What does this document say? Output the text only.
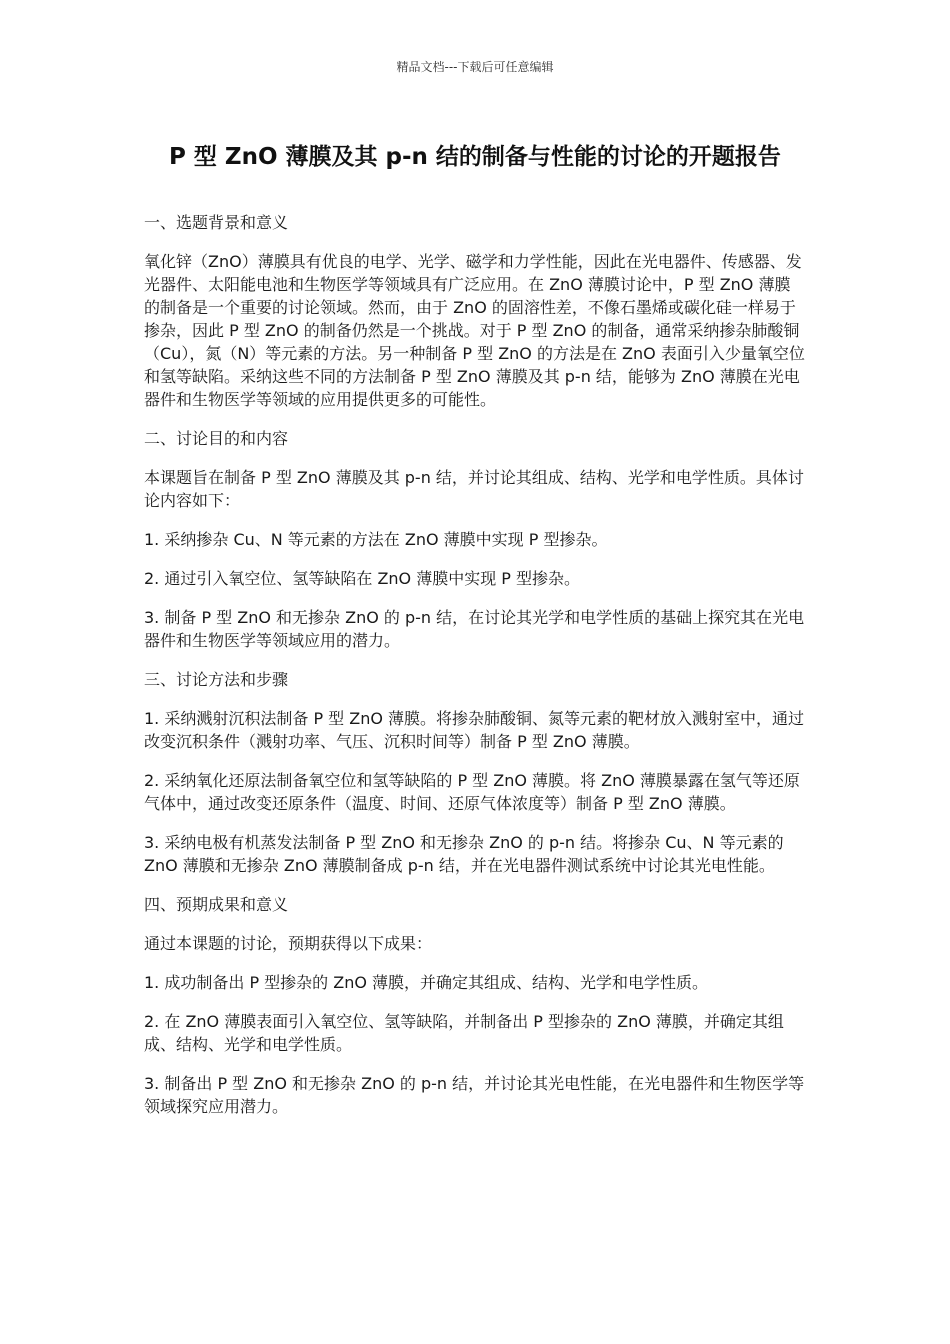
精品文档---下载后可任意编辑
P 型 ZnO 薄膜及其 p-n 结的制备与性能的讨论的开题报告

一、选题背景和意义

氧化锌（ZnO）薄膜具有优良的电学、光学、磁学和力学性能，因此在光电器件、传感器、发光器件、太阳能电池和生物医学等领域具有广泛应用。在 ZnO 薄膜讨论中，P 型 ZnO 薄膜的制备是一个重要的讨论领域。然而，由于 ZnO 的固溶性差，不像石墨烯或碳化硅一样易于掺杂，因此 P 型 ZnO 的制备仍然是一个挑战。对于 P 型 ZnO 的制备，通常采纳掺杂肺酸铜（Cu），氮（N）等元素的方法。另一种制备 P 型 ZnO 的方法是在 ZnO 表面引入少量氧空位和氢等缺陷。采纳这些不同的方法制备 P 型 ZnO 薄膜及其 p-n 结，能够为 ZnO 薄膜在光电器件和生物医学等领域的应用提供更多的可能性。

二、讨论目的和内容

本课题旨在制备 P 型 ZnO 薄膜及其 p-n 结，并讨论其组成、结构、光学和电学性质。具体讨论内容如下：

1. 采纳掺杂 Cu、N 等元素的方法在 ZnO 薄膜中实现 P 型掺杂。

2. 通过引入氧空位、氢等缺陷在 ZnO 薄膜中实现 P 型掺杂。

3. 制备 P 型 ZnO 和无掺杂 ZnO 的 p-n 结，在讨论其光学和电学性质的基础上探究其在光电器件和生物医学等领域应用的潜力。

三、讨论方法和步骤

1. 采纳溅射沉积法制备 P 型 ZnO 薄膜。将掺杂肺酸铜、氮等元素的靶材放入溅射室中，通过改变沉积条件（溅射功率、气压、沉积时间等）制备 P 型 ZnO 薄膜。

2. 采纳氧化还原法制备氧空位和氢等缺陷的 P 型 ZnO 薄膜。将 ZnO 薄膜暴露在氢气等还原气体中，通过改变还原条件（温度、时间、还原气体浓度等）制备 P 型 ZnO 薄膜。

3. 采纳电极有机蒸发法制备 P 型 ZnO 和无掺杂 ZnO 的 p-n 结。将掺杂 Cu、N 等元素的 ZnO 薄膜和无掺杂 ZnO 薄膜制备成 p-n 结，并在光电器件测试系统中讨论其光电性能。

四、预期成果和意义

通过本课题的讨论，预期获得以下成果：

1. 成功制备出 P 型掺杂的 ZnO 薄膜，并确定其组成、结构、光学和电学性质。

2. 在 ZnO 薄膜表面引入氧空位、氢等缺陷，并制备出 P 型掺杂的 ZnO 薄膜，并确定其组成、结构、光学和电学性质。

3. 制备出 P 型 ZnO 和无掺杂 ZnO 的 p-n 结，并讨论其光电性能，在光电器件和生物医学等领域探究应用潜力。
